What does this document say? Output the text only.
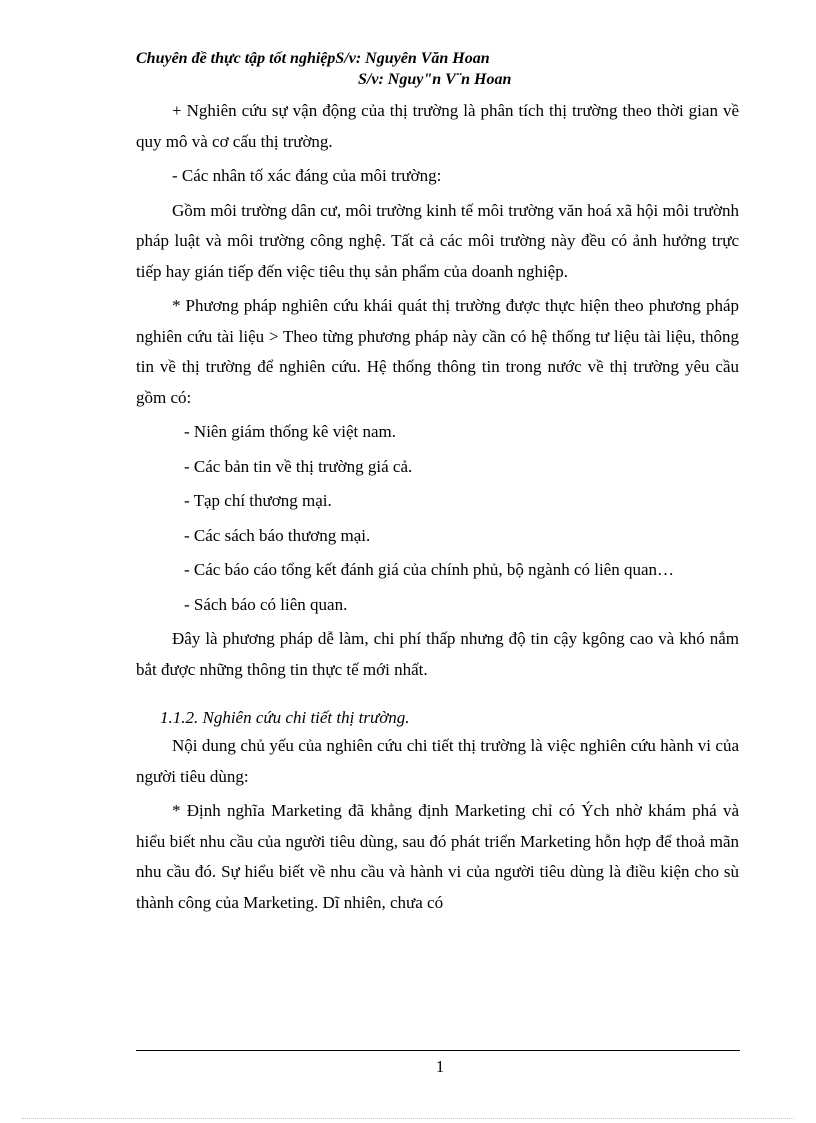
Chuyên đề thực tập tốt nghiệpS/v: Nguyên Văn Hoan
S/v: Nguy"n V¨n Hoan

+ Nghiên cứu sự vận động của thị trường là phân tích thị trường theo thời gian về quy mô và cơ cấu thị trường.

- Các nhân tố xác đáng của môi trường:

Gồm môi trường dân cư, môi trường kinh tế môi trường văn hoá xã hội môi trườnh pháp luật và môi trường công nghệ. Tất cả các môi trường này đều có ảnh hưởng trực tiếp hay gián tiếp đến việc tiêu thụ sản phẩm của doanh nghiệp.

* Phương pháp nghiên cứu khái quát thị trường được thực hiện theo phương pháp nghiên cứu tài liệu > Theo từng phương pháp này cần có hệ thống tư liệu tài liệu, thông tin về thị trường để nghiên cứu. Hệ thống thông tin trong nước về thị trường yêu cầu gồm có:

- Niên giám thống kê việt nam.

- Các bản tin về thị trường giá cả.

- Tạp chí thương mại.

- Các sách báo thương mại.

- Các báo cáo tổng kết đánh giá của chính phủ, bộ ngành có liên quan…

- Sách báo có liên quan.

Đây là phương pháp dễ làm, chi phí thấp nhưng độ tin cậy kgông cao và khó nắm bắt được những thông tin thực tế mới nhất.

1.1.2. Nghiên cứu chi tiết thị trường.

Nội dung chủ yếu của nghiên cứu chi tiết thị trường là việc nghiên cứu hành vi của người tiêu dùng:

* Định nghĩa Marketing đã khẳng định Marketing chỉ có Ých nhờ khám phá và hiểu biết nhu cầu của người tiêu dùng, sau đó phát triển Marketing hỗn hợp để thoả mãn nhu cầu đó. Sự hiểu biết về nhu cầu và hành vi của người tiêu dùng là điều kiện cho sù thành công của Marketing. Dĩ nhiên, chưa có

1
